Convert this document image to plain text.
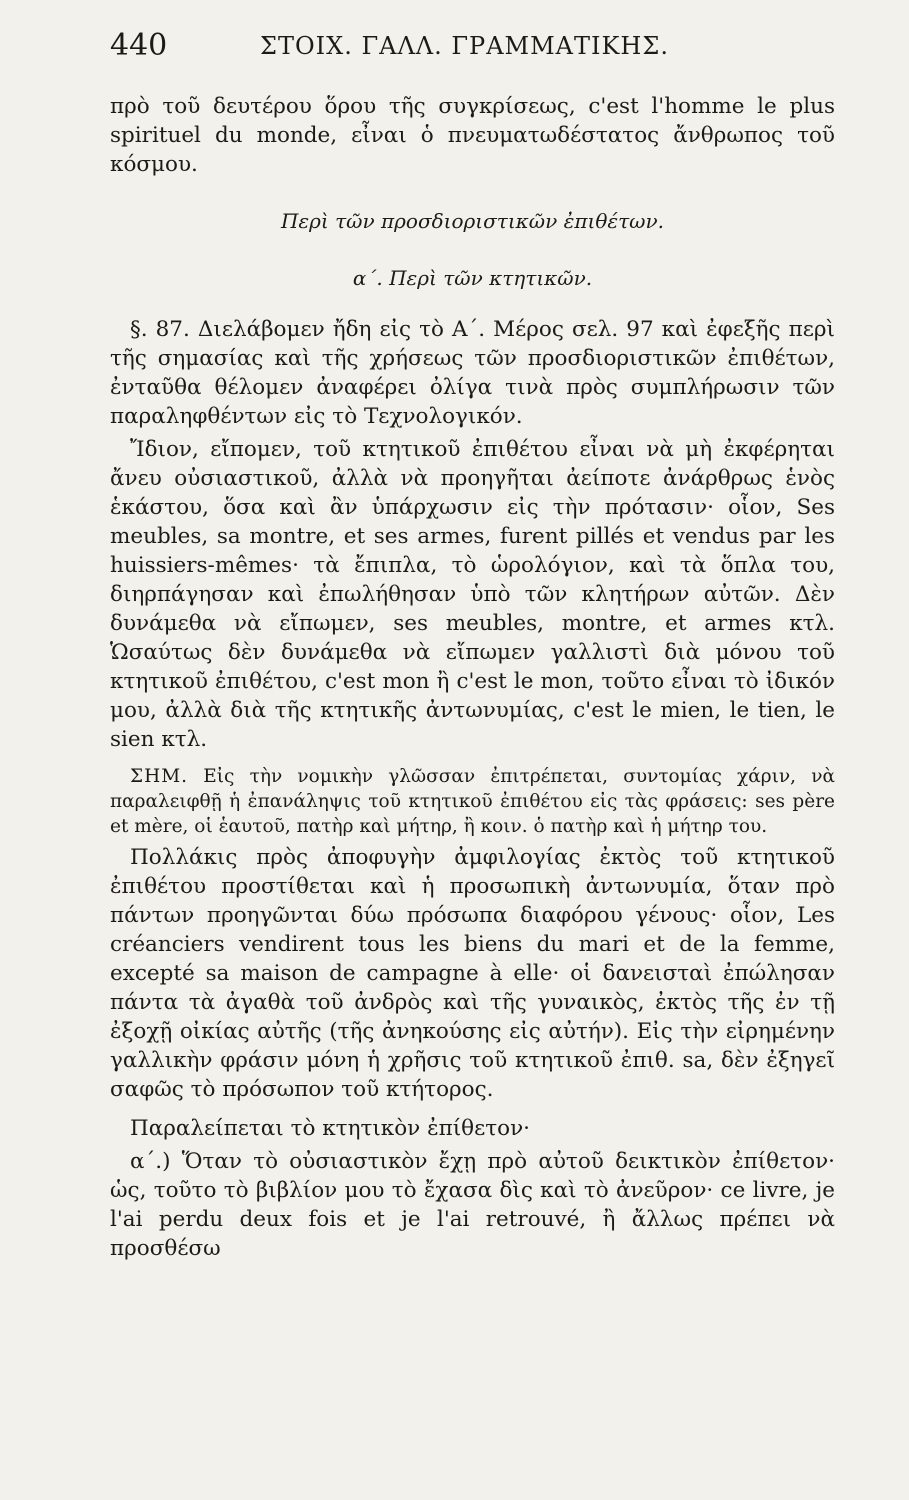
440	ΣΤΟΙΧ. ΓΑΛΛ. ΓΡΑΜΜΑΤΙΚΗΣ.

πρὸ τοῦ δευτέρου ὅρου τῆς συγκρίσεως, c'est l'homme le plus spirituel du monde, εἶναι ὁ πνευματωδέστατος ἄνθρωπος τοῦ κόσμου.

Περὶ τῶν προσδιοριστικῶν ἐπιθέτων.

α΄. Περὶ τῶν κτητικῶν.

§. 87. Διελάβομεν ἤδη εἰς τὸ Α΄. Μέρος σελ. 97 καὶ ἐφεξῆς περὶ τῆς σημασίας καὶ τῆς χρήσεως τῶν προσδιοριστικῶν ἐπιθέτων, ἐνταῦθα θέλομεν ἀναφέρει ὀλίγα τινὰ πρὸς συμπλήρωσιν τῶν παραληφθέντων εἰς τὸ Τεχνολογικόν.

Ἴδιον, εἴπομεν, τοῦ κτητικοῦ ἐπιθέτου εἶναι νὰ μὴ ἐκφέρηται ἄνευ οὐσιαστικοῦ, ἀλλὰ νὰ προηγῆται ἀείποτε ἀνάρθρως ἑνὸς ἑκάστου, ὅσα καὶ ἂν ὑπάρχωσιν εἰς τὴν πρότασιν· οἷον, Ses meubles, sa montre, et ses armes, furent pillés et vendus par les huissiers-mêmes· τὰ ἔπιπλα, τὸ ὡρολόγιον, καὶ τὰ ὅπλα του, διηρπάγησαν καὶ ἐπωλήθησαν ὑπὸ τῶν κλητήρων αὐτῶν. Δὲν δυνάμεθα νὰ εἴπωμεν, ses meubles, montre, et armes κτλ. Ὡσαύτως δὲν δυνάμεθα νὰ εἴπωμεν γαλλιστὶ διὰ μόνου τοῦ κτητικοῦ ἐπιθέτου, c'est mon ἢ c'est le mon, τοῦτο εἶναι τὸ ἰδικόν μου, ἀλλὰ διὰ τῆς κτητικῆς ἀντωνυμίας, c'est le mien, le tien, le sien κτλ.

ΣΗΜ. Εἰς τὴν νομικὴν γλῶσσαν ἐπιτρέπεται, συντομίας χάριν, νὰ παραλειφθῇ ἡ ἐπανάληψις τοῦ κτητικοῦ ἐπιθέτου εἰς τὰς φράσεις: ses père et mère, οἱ ἑαυτοῦ, πατὴρ καὶ μήτηρ, ἢ κοιν. ὁ πατὴρ καὶ ἡ μήτηρ του.

Πολλάκις πρὸς ἀποφυγὴν ἀμφιλογίας ἐκτὸς τοῦ κτητικοῦ ἐπιθέτου προστίθεται καὶ ἡ προσωπικὴ ἀντωνυμία, ὅταν πρὸ πάντων προηγῶνται δύω πρόσωπα διαφόρου γένους· οἷον, Les créanciers vendirent tous les biens du mari et de la femme, excepté sa maison de campagne à elle· οἱ δανεισταὶ ἐπώλησαν πάντα τὰ ἀγαθὰ τοῦ ἀνδρὸς καὶ τῆς γυναικὸς, ἐκτὸς τῆς ἐν τῇ ἐξοχῇ οἰκίας αὐτῆς (τῆς ἀνηκούσης εἰς αὐτήν). Εἰς τὴν εἰρημένην γαλλικὴν φράσιν μόνη ἡ χρῆσις τοῦ κτητικοῦ ἐπιθ. sa, δὲν ἐξηγεῖ σαφῶς τὸ πρόσωπον τοῦ κτήτορος.

Παραλείπεται τὸ κτητικὸν ἐπίθετον·

α΄.) Ὅταν τὸ οὐσιαστικὸν ἔχῃ πρὸ αὐτοῦ δεικτικὸν ἐπίθετον· ὡς, τοῦτο τὸ βιβλίον μου τὸ ἔχασα δὶς καὶ τὸ ἀνεῦρον· ce livre, je l'ai perdu deux fois et je l'ai retrouvé, ἢ ἄλλως πρέπει νὰ προσθέσω
